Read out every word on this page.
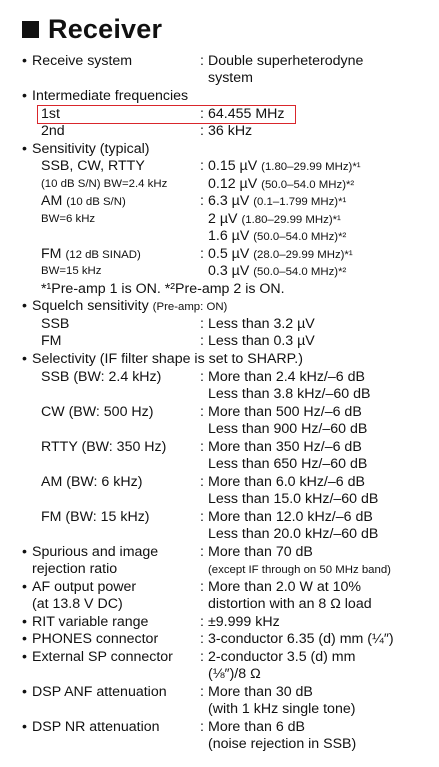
Receiver
• Receive system	: Double superheterodyne
system
• Intermediate frequencies
1st	: 64.455 MHz
2nd	: 36 kHz
• Sensitivity (typical)
SSB, CW, RTTY	: 0.15 µV (1.80–29.99 MHz)*¹
(10 dB S/N) BW=2.4 kHz	0.12 µV (50.0–54.0 MHz)*²
AM (10 dB S/N)	: 6.3 µV (0.1–1.799 MHz)*¹
BW=6 kHz	2 µV (1.80–29.99 MHz)*¹
1.6 µV (50.0–54.0 MHz)*²
FM (12 dB SINAD)	: 0.5 µV (28.0–29.99 MHz)*¹
BW=15 kHz	0.3 µV (50.0–54.0 MHz)*²
*¹Pre-amp 1 is ON. *²Pre-amp 2 is ON.
• Squelch sensitivity (Pre-amp: ON)
SSB	: Less than 3.2 µV
FM	: Less than 0.3 µV
• Selectivity (IF filter shape is set to SHARP.)
SSB (BW: 2.4 kHz)	: More than 2.4 kHz/–6 dB
Less than 3.8 kHz/–60 dB
CW (BW: 500 Hz)	: More than 500 Hz/–6 dB
Less than 900 Hz/–60 dB
RTTY (BW: 350 Hz) : More than 350 Hz/–6 dB
Less than 650 Hz/–60 dB
AM (BW: 6 kHz)	: More than 6.0 kHz/–6 dB
Less than 15.0 kHz/–60 dB
FM (BW: 15 kHz)	: More than 12.0 kHz/–6 dB
Less than 20.0 kHz/–60 dB
• Spurious and image	: More than 70 dB
rejection ratio	(except IF through on 50 MHz band)
• AF output power	: More than 2.0 W at 10%
(at 13.8 V DC)	distortion with an 8 Ω load
• RIT variable range	: ±9.999 kHz
• PHONES connector	: 3-conductor 6.35 (d) mm (¼″)
• External SP connector : 2-conductor 3.5 (d) mm
(⅛″)/8 Ω
• DSP ANF attenuation : More than 30 dB
(with 1 kHz single tone)
• DSP NR attenuation	: More than 6 dB
(noise rejection in SSB)
